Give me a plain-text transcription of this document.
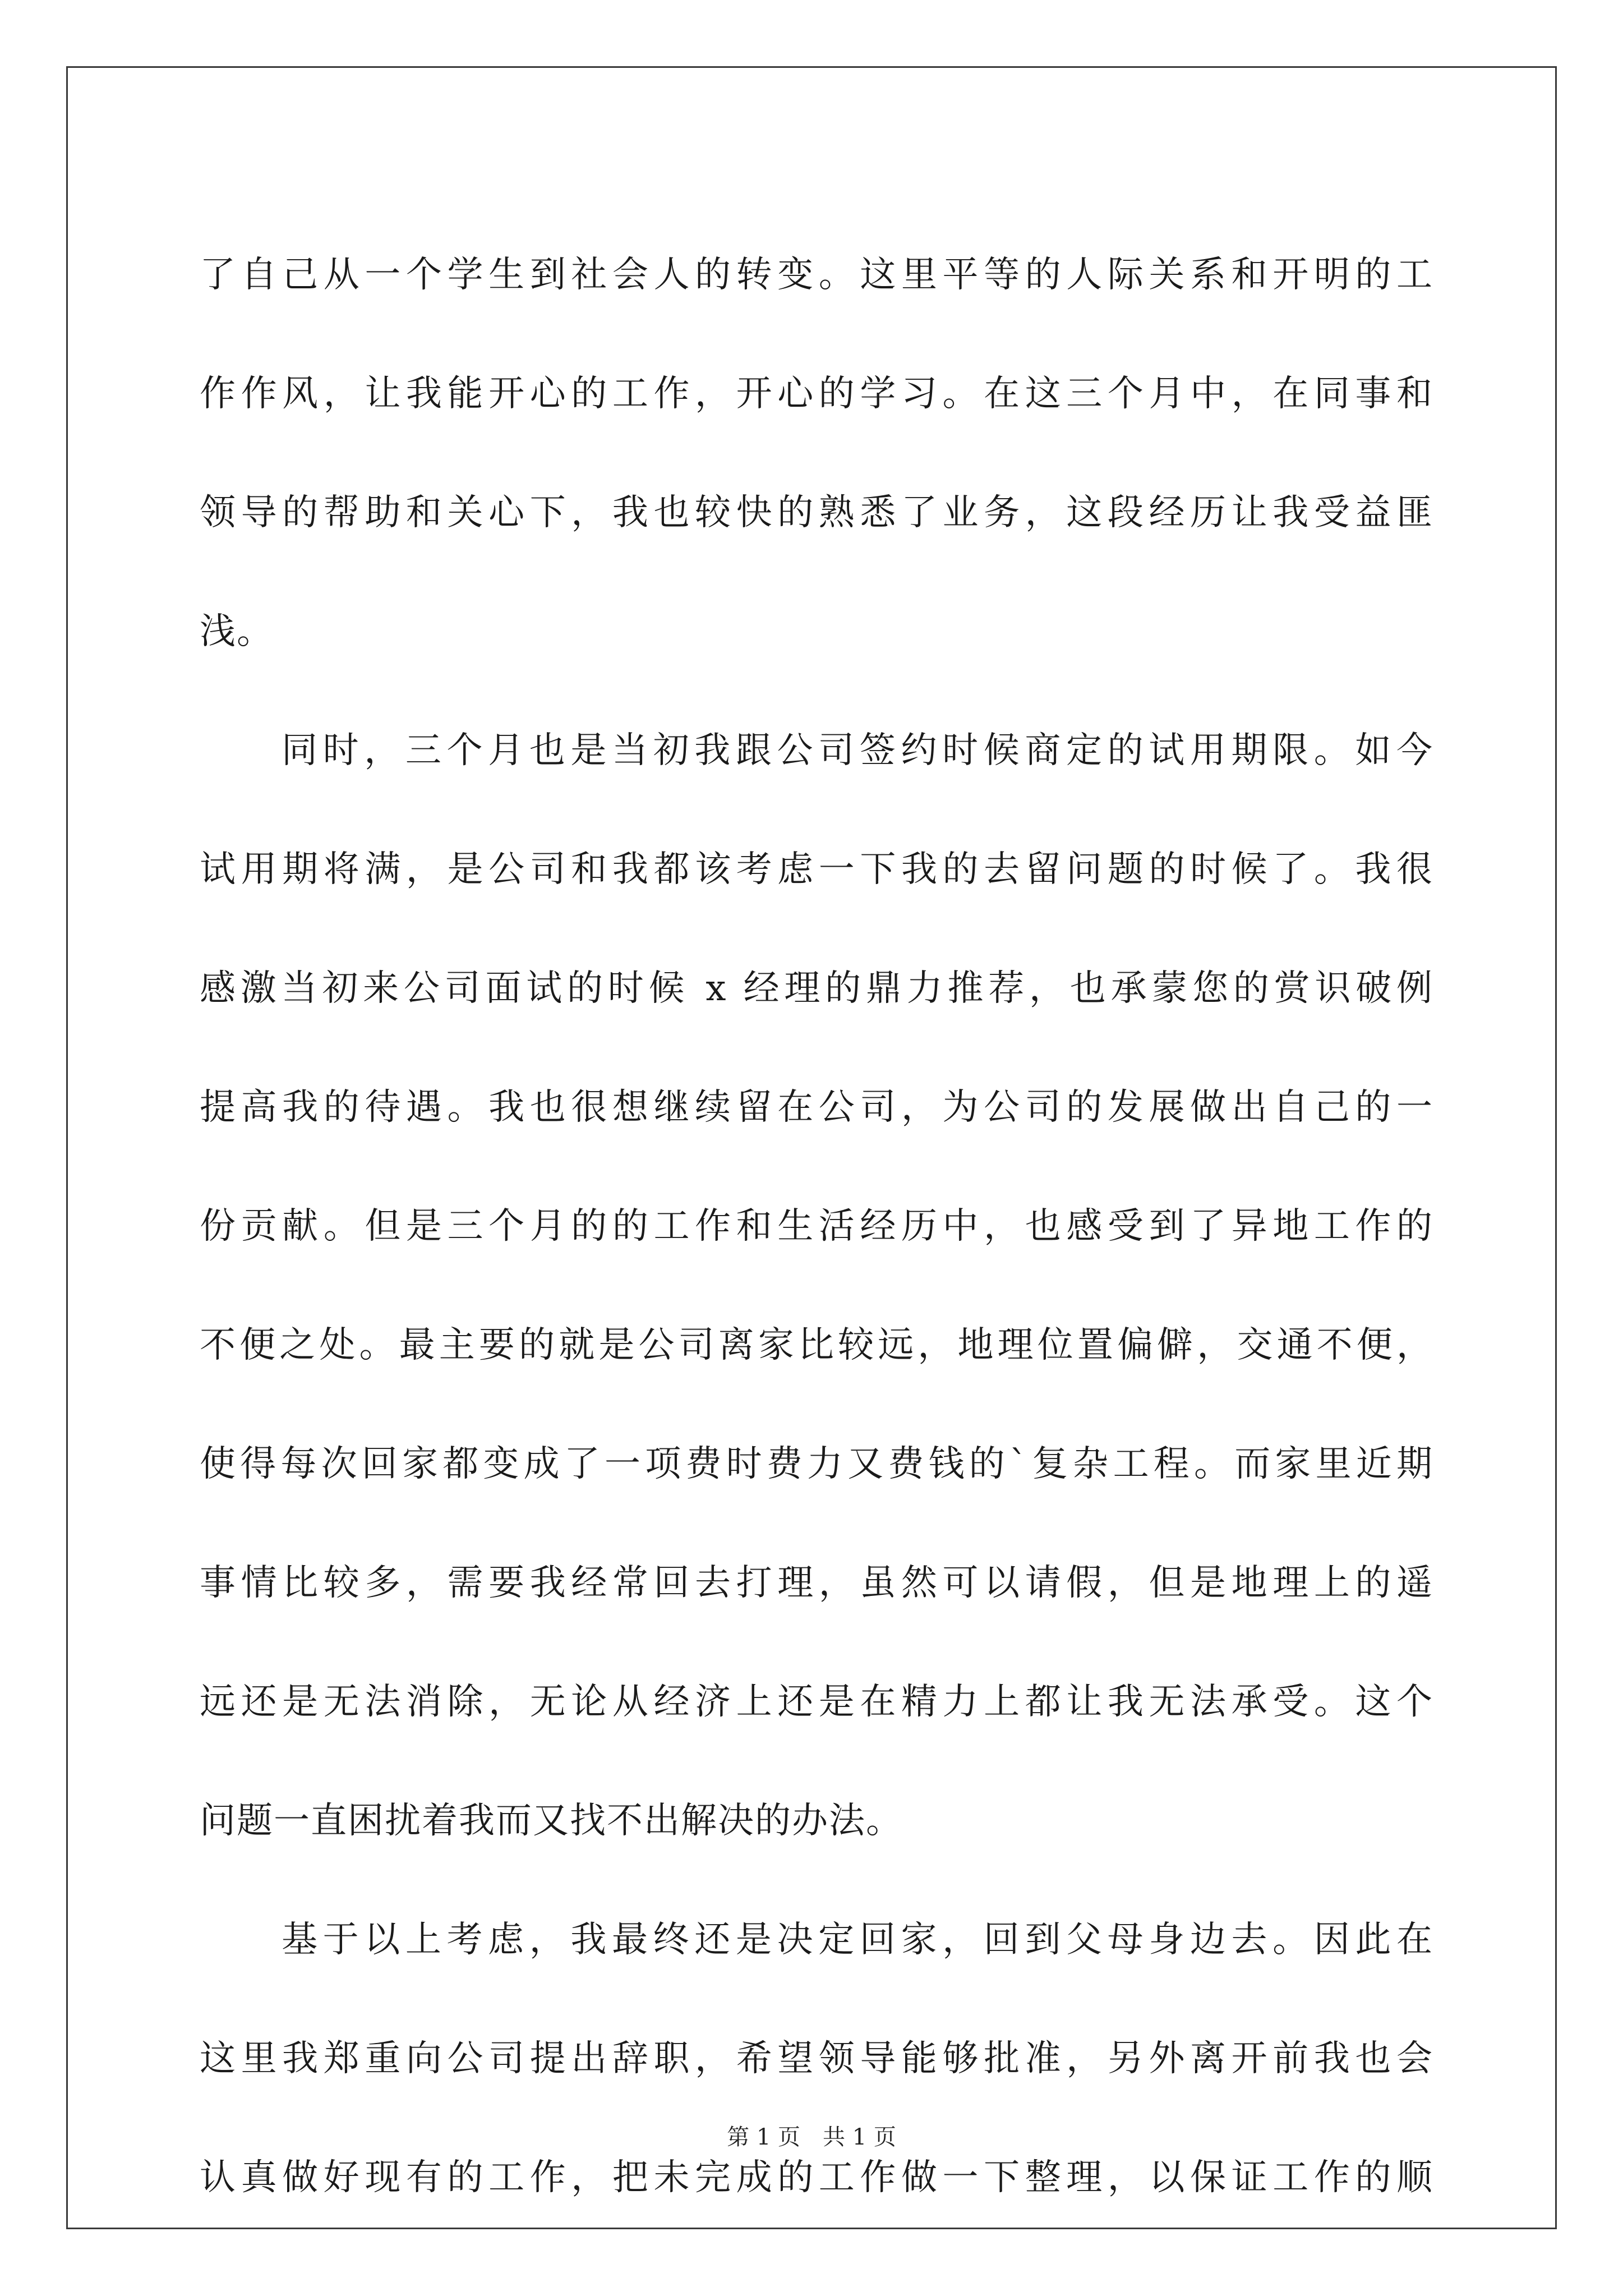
了自己从一个学生到社会人的转变。这里平等的人际关系和开明的工
作作风，让我能开心的工作，开心的学习。在这三个月中，在同事和
领导的帮助和关心下，我也较快的熟悉了业务，这段经历让我受益匪
浅。
同时，三个月也是当初我跟公司签约时候商定的试用期限。如今
试用期将满，是公司和我都该考虑一下我的去留问题的时候了。我很
感激当初来公司面试的时候 x 经理的鼎力推荐，也承蒙您的赏识破例
提高我的待遇。我也很想继续留在公司，为公司的发展做出自己的一
份贡献。但是三个月的的工作和生活经历中，也感受到了异地工作的
不便之处。最主要的就是公司离家比较远，地理位置偏僻，交通不便，
使得每次回家都变成了一项费时费力又费钱的`复杂工程。而家里近期
事情比较多，需要我经常回去打理，虽然可以请假，但是地理上的遥
远还是无法消除，无论从经济上还是在精力上都让我无法承受。这个
问题一直困扰着我而又找不出解决的办法。
基于以上考虑，我最终还是决定回家，回到父母身边去。因此在
这里我郑重向公司提出辞职，希望领导能够批准，另外离开前我也会
认真做好现有的工作，把未完成的工作做一下整理，以保证工作的顺
第 1 页 共 1 页
